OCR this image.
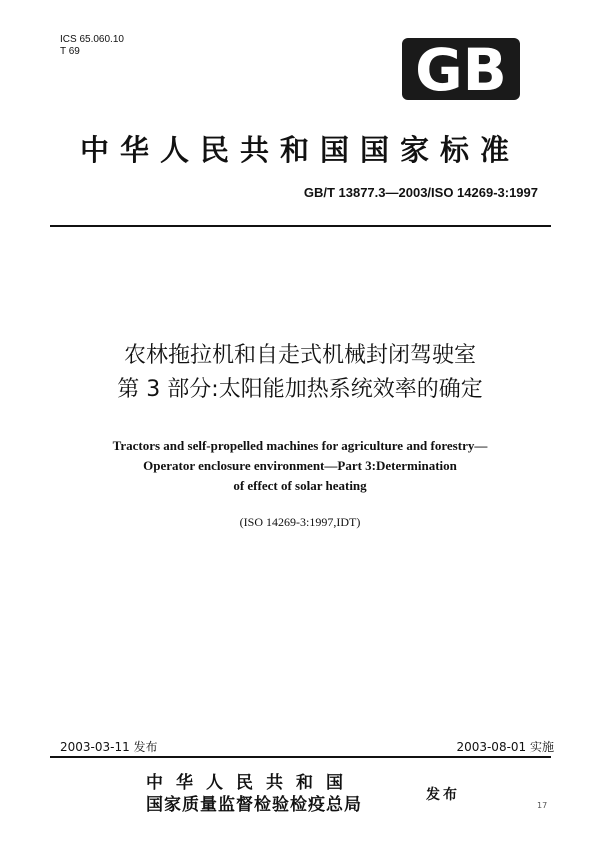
ICS 65.060.10
T 69	GB
中华人民共和国国家标准
GB/T 13877.3—2003/ISO 14269-3:1997
农林拖拉机和自走式机械封闭驾驶室
第 3 部分:太阳能加热系统效率的确定
Tractors and self-propelled machines for agriculture and forestry—
Operator enclosure environment—Part 3:Determination
of effect of solar heating
(ISO 14269-3:1997,IDT)
2003-03-11 发布	2003-08-01 实施
中华人民共和国
国家质量监督检验检疫总局	发布
17
